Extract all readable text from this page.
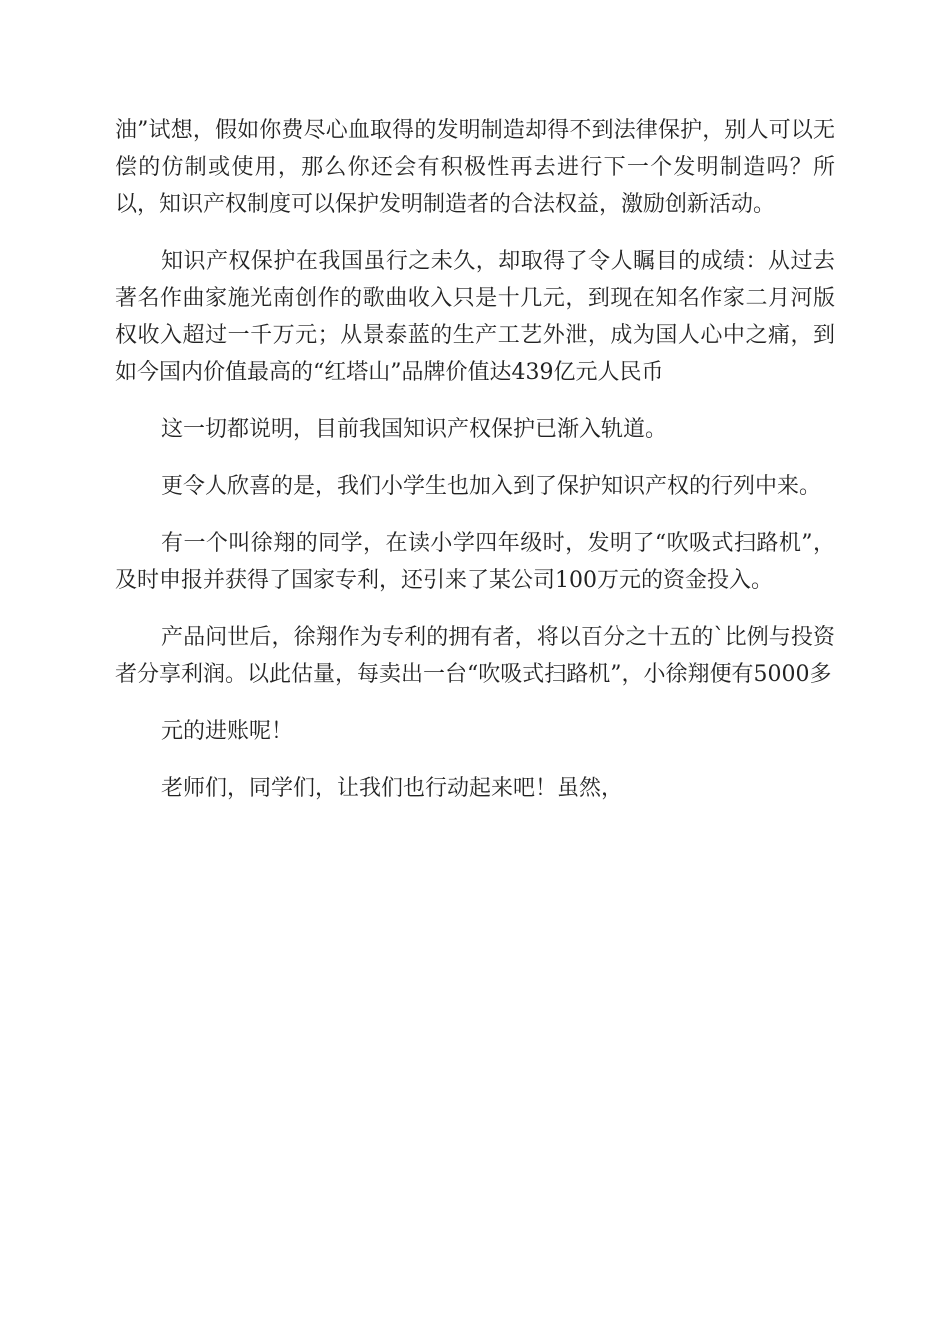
油”试想，假如你费尽心血取得的发明制造却得不到法律保护，别人可以无偿的仿制或使用，那么你还会有积极性再去进行下一个发明制造吗？所以，知识产权制度可以保护发明制造者的合法权益，激励创新活动。

知识产权保护在我国虽行之未久，却取得了令人瞩目的成绩：从过去著名作曲家施光南创作的歌曲收入只是十几元，到现在知名作家二月河版权收入超过一千万元；从景泰蓝的生产工艺外泄，成为国人心中之痛，到如今国内价值最高的“红塔山”品牌价值达439亿元人民币

这一切都说明，目前我国知识产权保护已渐入轨道。

更令人欣喜的是，我们小学生也加入到了保护知识产权的行列中来。

有一个叫徐翔的同学，在读小学四年级时，发明了“吹吸式扫路机”，及时申报并获得了国家专利，还引来了某公司100万元的资金投入。

产品问世后，徐翔作为专利的拥有者，将以百分之十五的`比例与投资者分享利润。以此估量，每卖出一台“吹吸式扫路机”，小徐翔便有5000多

元的进账呢！

老师们，同学们，让我们也行动起来吧！虽然，
